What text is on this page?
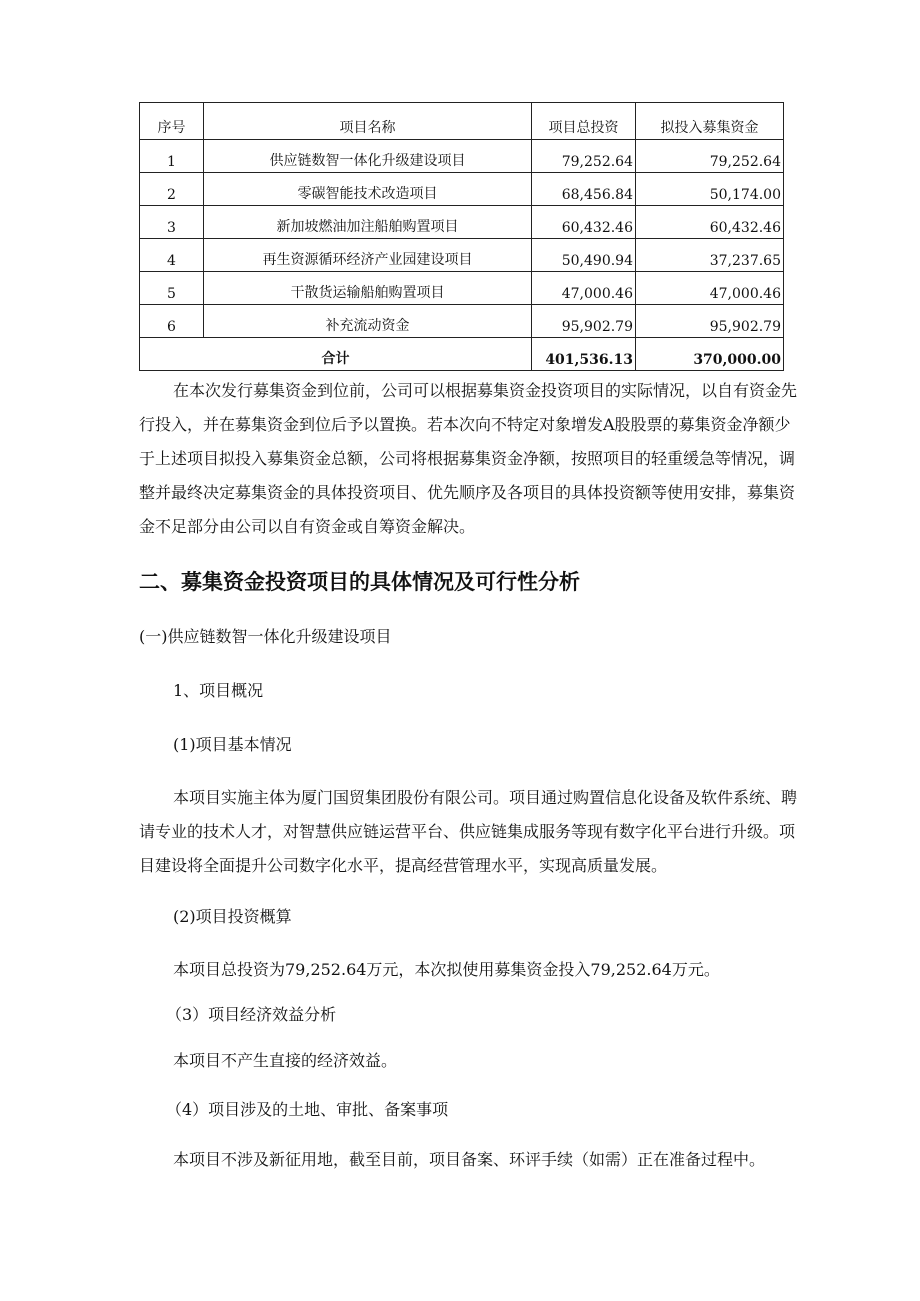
序号	项目名称	项目总投资	拟投入募集资金
1	供应链数智一体化升级建设项目	79,252.64	79,252.64
2	零碳智能技术改造项目	68,456.84	50,174.00
3	新加坡燃油加注船舶购置项目	60,432.46	60,432.46
4	再生资源循环经济产业园建设项目	50,490.94	37,237.65
5	干散货运输船舶购置项目	47,000.46	47,000.46
6	补充流动资金	95,902.79	95,902.79
合计		401,536.13	370,000.00
在本次发行募集资金到位前，公司可以根据募集资金投资项目的实际情况，以自有资金先行投入，并在募集资金到位后予以置换。若本次向不特定对象增发A股股票的募集资金净额少于上述项目拟投入募集资金总额，公司将根据募集资金净额，按照项目的轻重缓急等情况，调整并最终决定募集资金的具体投资项目、优先顺序及各项目的具体投资额等使用安排，募集资金不足部分由公司以自有资金或自筹资金解决。
二、募集资金投资项目的具体情况及可行性分析
(一)供应链数智一体化升级建设项目
1、项目概况
(1)项目基本情况
本项目实施主体为厦门国贸集团股份有限公司。项目通过购置信息化设备及软件系统、聘请专业的技术人才，对智慧供应链运营平台、供应链集成服务等现有数字化平台进行升级。项目建设将全面提升公司数字化水平，提高经营管理水平，实现高质量发展。
(2)项目投资概算
本项目总投资为79,252.64万元，本次拟使用募集资金投入79,252.64万元。
（3）项目经济效益分析
本项目不产生直接的经济效益。
（4）项目涉及的土地、审批、备案事项
本项目不涉及新征用地，截至目前，项目备案、环评手续（如需）正在准备过程中。
